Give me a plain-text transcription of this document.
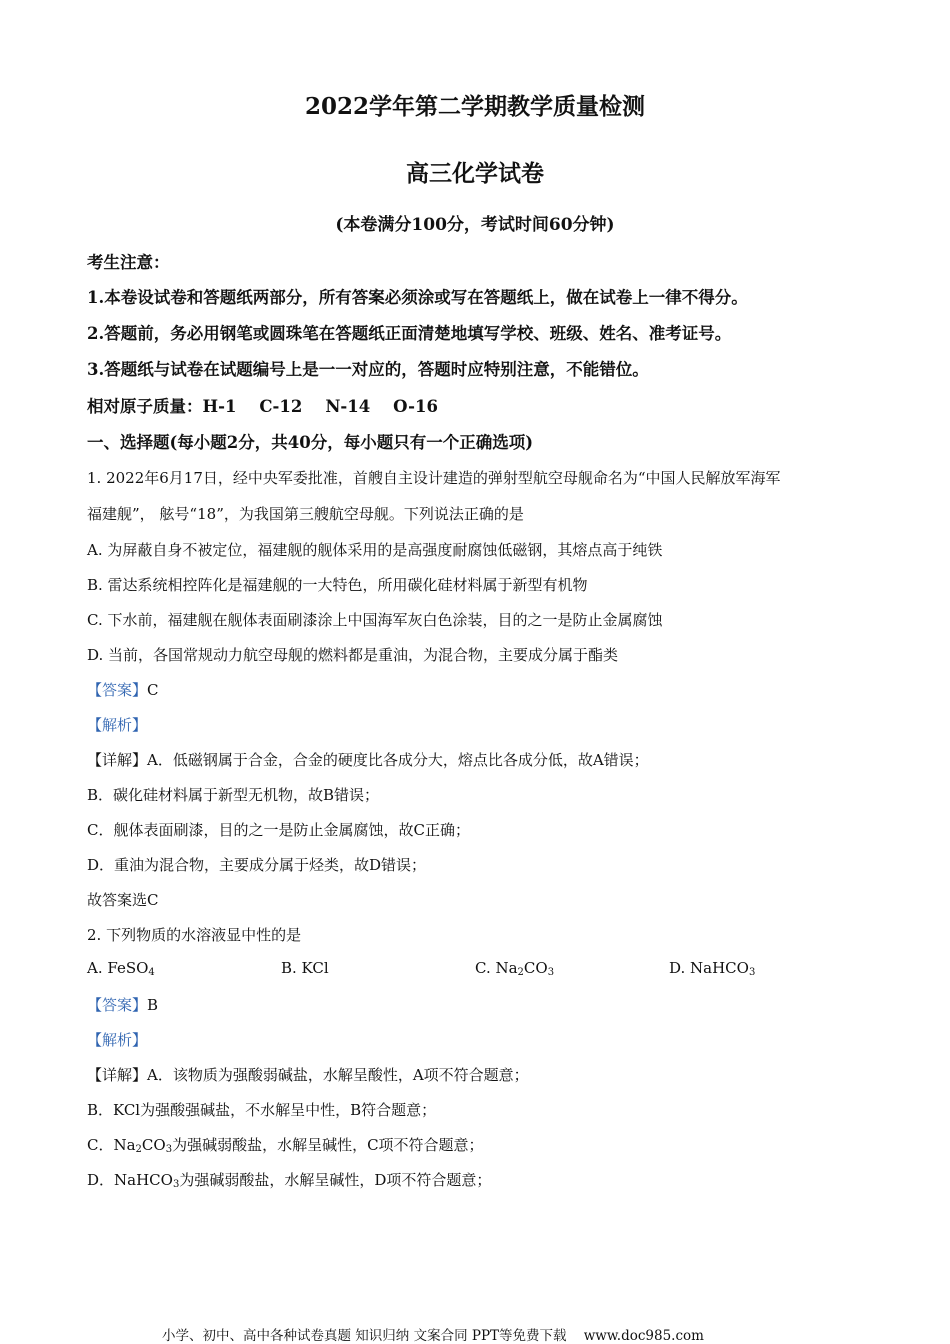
2022学年第二学期教学质量检测
高三化学试卷
(本卷满分100分，考试时间60分钟)
考生注意：
1.本卷设试卷和答题纸两部分，所有答案必须涂或写在答题纸上，做在试卷上一律不得分。
2.答题前，务必用钢笔或圆珠笔在答题纸正面清楚地填写学校、班级、姓名、准考证号。
3.答题纸与试卷在试题编号上是一一对应的，答题时应特别注意，不能错位。
相对原子质量：H-1    C-12    N-14    O-16
一、选择题(每小题2分，共40分，每小题只有一个正确选项)
1. 2022年6月17日，经中央军委批准，首艘自主设计建造的弹射型航空母舰命名为“中国人民解放军海军
福建舰”， 舷号“18”，为我国第三艘航空母舰。下列说法正确的是
A. 为屏蔽自身不被定位，福建舰的舰体采用的是高强度耐腐蚀低磁钢，其熔点高于纯铁
B. 雷达系统相控阵化是福建舰的一大特色，所用碳化硅材料属于新型有机物
C. 下水前，福建舰在舰体表面刷漆涂上中国海军灰白色涂装，目的之一是防止金属腐蚀
D. 当前，各国常规动力航空母舰的燃料都是重油，为混合物，主要成分属于酯类
【答案】C
【解析】
【详解】A．低磁钢属于合金，合金的硬度比各成分大，熔点比各成分低，故A错误；
B．碳化硅材料属于新型无机物，故B错误；
C．舰体表面刷漆，目的之一是防止金属腐蚀，故C正确；
D．重油为混合物，主要成分属于烃类，故D错误；
故答案选C
2. 下列物质的水溶液显中性的是
A. FeSO$_4$	B. KCl	C. $Na_2CO_3$	D. NaHCO$_3$
【答案】B
【解析】
【详解】A．该物质为强酸弱碱盐，水解呈酸性，A项不符合题意；
B．KCl为强酸强碱盐，不水解呈中性，B符合题意；
C．$Na_2CO_3$为强碱弱酸盐，水解呈碱性，C项不符合题意；
D．NaHCO$_3$为强碱弱酸盐，水解呈碱性，D项不符合题意；
小学、初中、高中各种试卷真题 知识归纳 文案合同 PPT等免费下载    www.doc985.com
